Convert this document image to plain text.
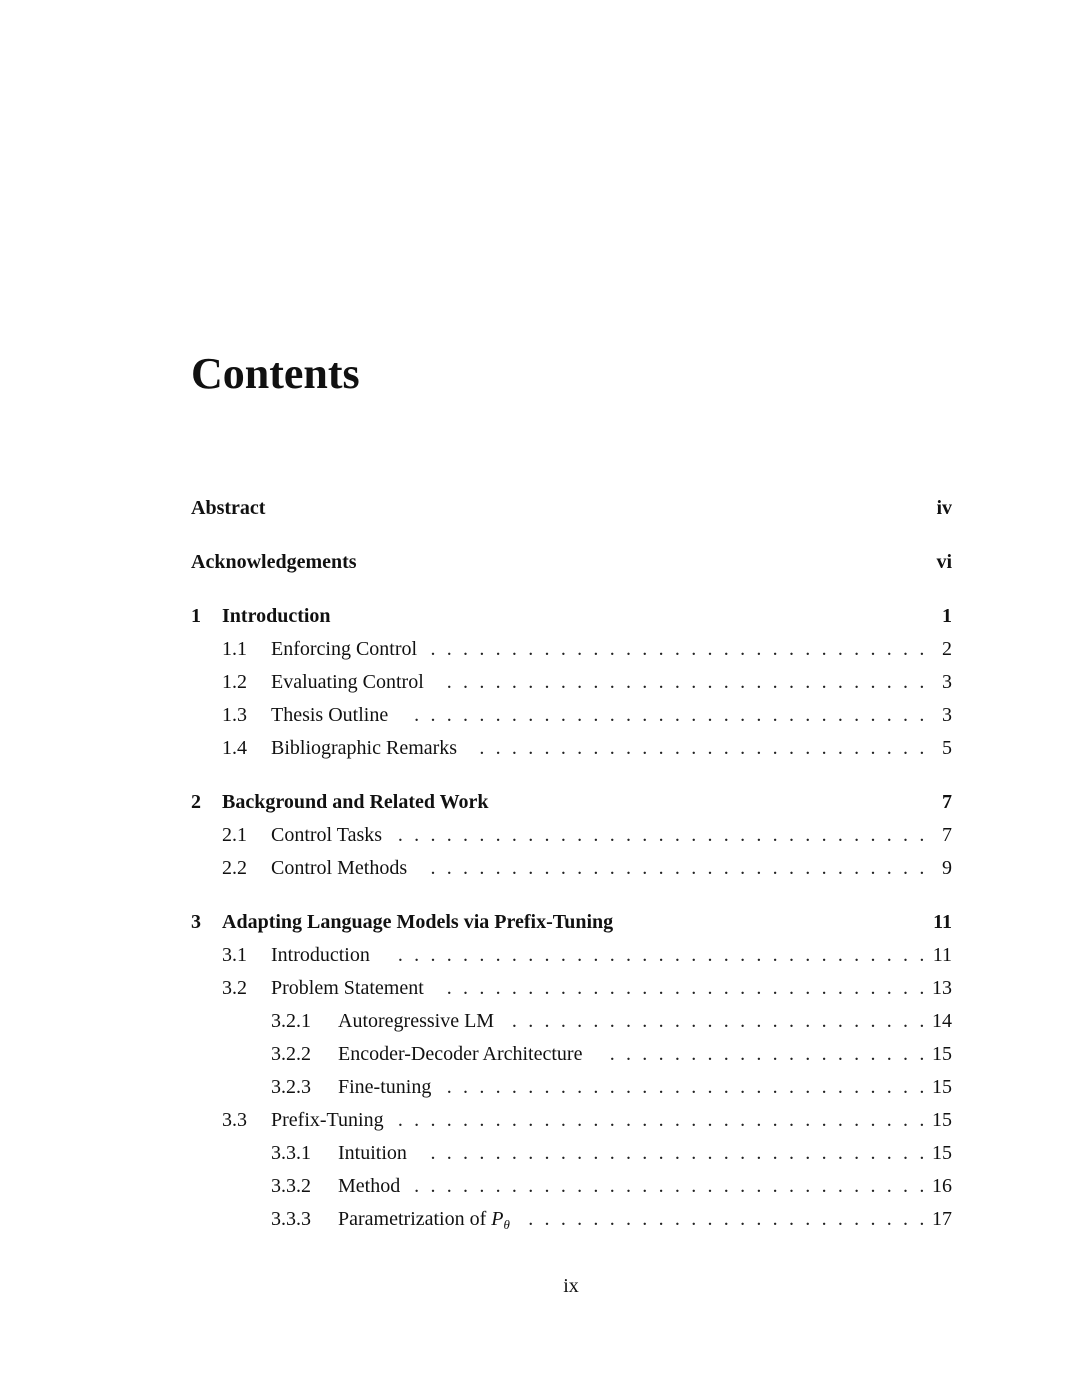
Contents
Abstract	iv
Acknowledgements	vi
1 Introduction	1
1.1 Enforcing Control . . . . . . . . . . . . . . . . . . . . . . . . . . . . . . . 2
1.2 Evaluating Control . . . . . . . . . . . . . . . . . . . . . . . . . . . . . . 3
1.3 Thesis Outline . . . . . . . . . . . . . . . . . . . . . . . . . . . . . . . . 3
1.4 Bibliographic Remarks . . . . . . . . . . . . . . . . . . . . . . . . . . . . 5
2 Background and Related Work	7
2.1 Control Tasks . . . . . . . . . . . . . . . . . . . . . . . . . . . . . . . . . 7
2.2 Control Methods . . . . . . . . . . . . . . . . . . . . . . . . . . . . . . . 9
3 Adapting Language Models via Prefix-Tuning	11
3.1 Introduction . . . . . . . . . . . . . . . . . . . . . . . . . . . . . . . . . 11
3.2 Problem Statement . . . . . . . . . . . . . . . . . . . . . . . . . . . . . . 13
3.2.1 Autoregressive LM . . . . . . . . . . . . . . . . . . . . . . . . . . 14
3.2.2 Encoder-Decoder Architecture . . . . . . . . . . . . . . . . . . . . 15
3.2.3 Fine-tuning . . . . . . . . . . . . . . . . . . . . . . . . . . . . . . 15
3.3 Prefix-Tuning . . . . . . . . . . . . . . . . . . . . . . . . . . . . . . . . . 15
3.3.1 Intuition . . . . . . . . . . . . . . . . . . . . . . . . . . . . . . . 15
3.3.2 Method . . . . . . . . . . . . . . . . . . . . . . . . . . . . . . . . 16
3.3.3 Parametrization of $P_\theta$ . . . . . . . . . . . . . . . . . . . . . . . . . 17
ix
